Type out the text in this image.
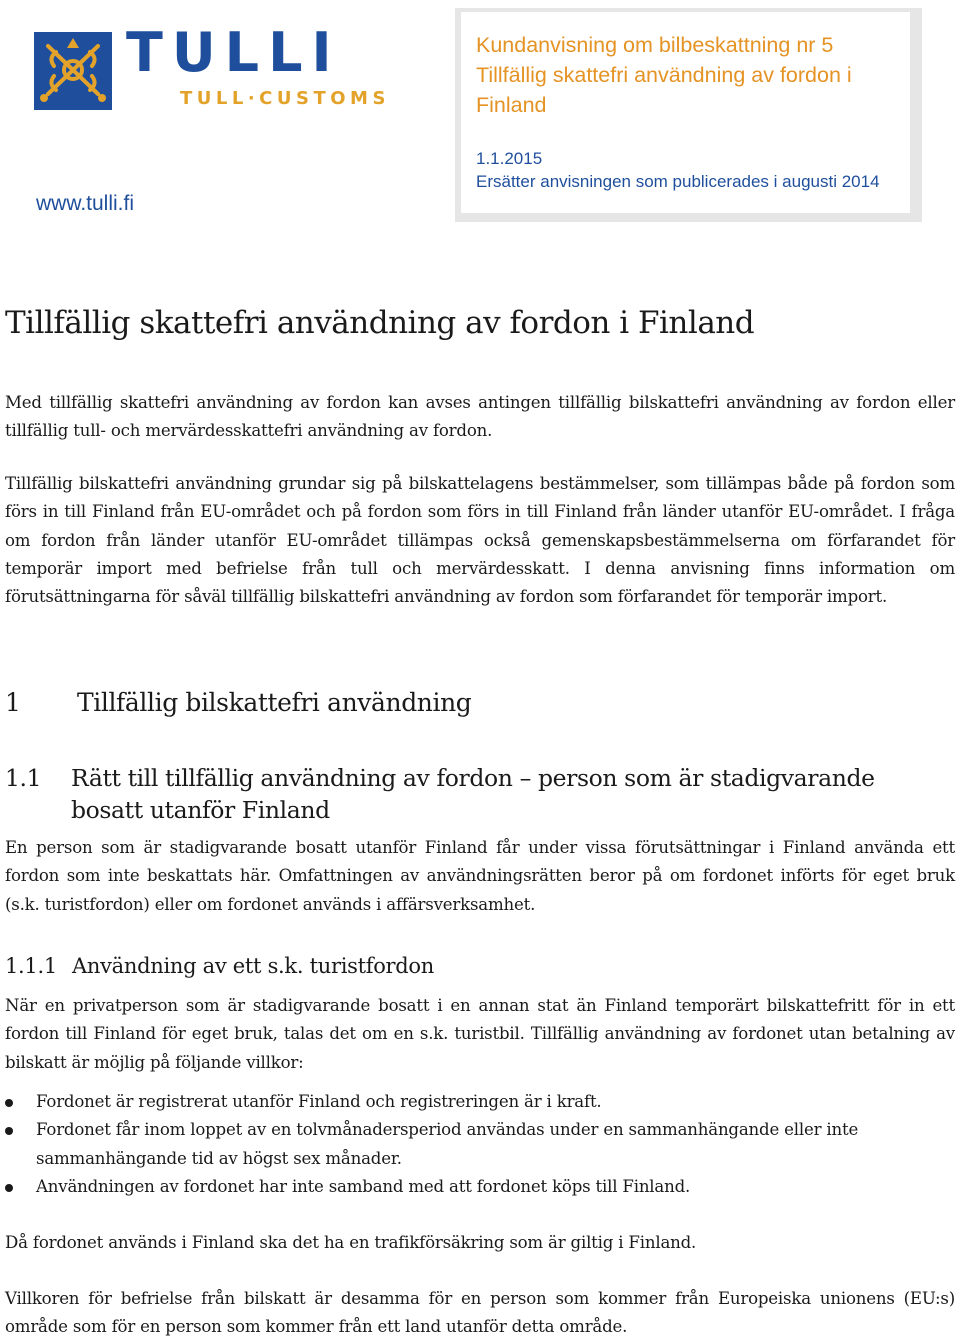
TULLI

TULL·CUSTOMS

www.tulli.fi

Kundanvisning om bilbeskattning nr 5 Tillfällig skattefri användning av fordon i Finland

1.1.2015
Ersätter anvisningen som publicerades i augusti 2014

Tillfällig skattefri användning av fordon i Finland

Med tillfällig skattefri användning av fordon kan avses antingen tillfällig bilskattefri användning av fordon eller tillfällig tull- och mervärdesskattefri användning av fordon.

Tillfällig bilskattefri användning grundar sig på bilskattelagens bestämmelser, som tillämpas både på fordon som förs in till Finland från EU-området och på fordon som förs in till Finland från länder utanför EU-området. I fråga om fordon från länder utanför EU-området tillämpas också gemenskapsbestämmelserna om förfarandet för temporär import med befrielse från tull och mervärdesskatt. I denna anvisning finns information om förutsättningarna för såväl tillfällig bilskattefri användning av fordon som förfarandet för temporär import.

1 Tillfällig bilskattefri användning
1.1 Rätt till tillfällig användning av fordon – person som är stadigvarande bosatt utanför Finland

En person som är stadigvarande bosatt utanför Finland får under vissa förutsättningar i Finland använda ett fordon som inte beskattats här. Omfattningen av användningsrätten beror på om fordonet införts för eget bruk (s.k. turistfordon) eller om fordonet används i affärsverksamhet.

1.1.1 Användning av ett s.k. turistfordon

När en privatperson som är stadigvarande bosatt i en annan stat än Finland temporärt bilskattefritt för in ett fordon till Finland för eget bruk, talas det om en s.k. turistbil. Tillfällig användning av fordonet utan betalning av bilskatt är möjlig på följande villkor:

Fordonet är registrerat utanför Finland och registreringen är i kraft.
Fordonet får inom loppet av en tolvmånadersperiod användas under en sammanhängande eller inte sammanhängande tid av högst sex månader.
Användningen av fordonet har inte samband med att fordonet köps till Finland.

Då fordonet används i Finland ska det ha en trafikförsäkring som är giltig i Finland.

Villkoren för befrielse från bilskatt är desamma för en person som kommer från Europeiska unionens (EU:s) område som för en person som kommer från ett land utanför detta område.
